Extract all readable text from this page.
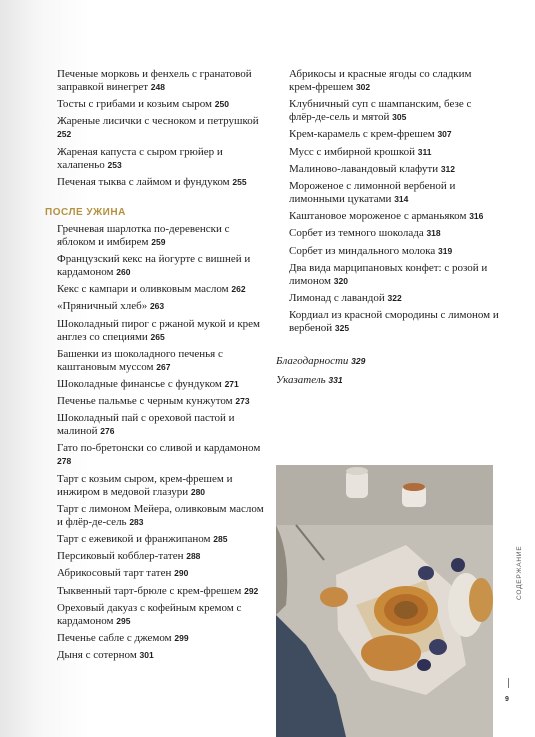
Печеные морковь и фенхель с гранатовой заправкой винегрет 248
Тосты с грибами и козьим сыром 250
Жареные лисички с чесноком и петрушкой 252
Жареная капуста с сыром грюйер и халапеньо 253
Печеная тыква с лаймом и фундуком 255
ПОСЛЕ УЖИНА
Гречневая шарлотка по-деревенски с яблоком и имбирем 259
Французский кекс на йогурте с вишней и кардамоном 260
Кекс с кампари и оливковым маслом 262
«Пряничный хлеб» 263
Шоколадный пирог с ржаной мукой и крем англез со специями 265
Башенки из шоколадного печенья с каштановым муссом 267
Шоколадные финансье с фундуком 271
Печенье пальмье с черным кунжутом 273
Шоколадный пай с ореховой пастой и малиной 276
Гато по-бретонски со сливой и кардамоном 278
Тарт с козьим сыром, крем-фрешем и инжиром в медовой глазури 280
Тарт с лимоном Мейера, оливковым маслом и флёр-де-сель 283
Тарт с ежевикой и франжипаном 285
Персиковый кобблер-татен 288
Абрикосовый тарт татен 290
Тыквенный тарт-брюле с крем-фрешем 292
Ореховый дакуаз с кофейным кремом с кардамоном 295
Печенье сабле с джемом 299
Дыня с сотерном 301
Абрикосы и красные ягоды со сладким крем-фрешем 302
Клубничный суп с шампанским, безе с флёр-де-сель и мятой 305
Крем-карамель с крем-фрешем 307
Мусс с имбирной крошкой 311
Малиново-лавандовый клафути 312
Мороженое с лимонной вербеной и лимонными цукатами 314
Каштановое мороженое с арманьяком 316
Сорбет из темного шоколада 318
Сорбет из миндального молока 319
Два вида марципановых конфет: с розой и лимоном 320
Лимонад с лавандой 322
Кордиал из красной смородины с лимоном и вербеной 325
Благодарности 329
Указатель 331
СОДЕРЖАНИЕ
9
